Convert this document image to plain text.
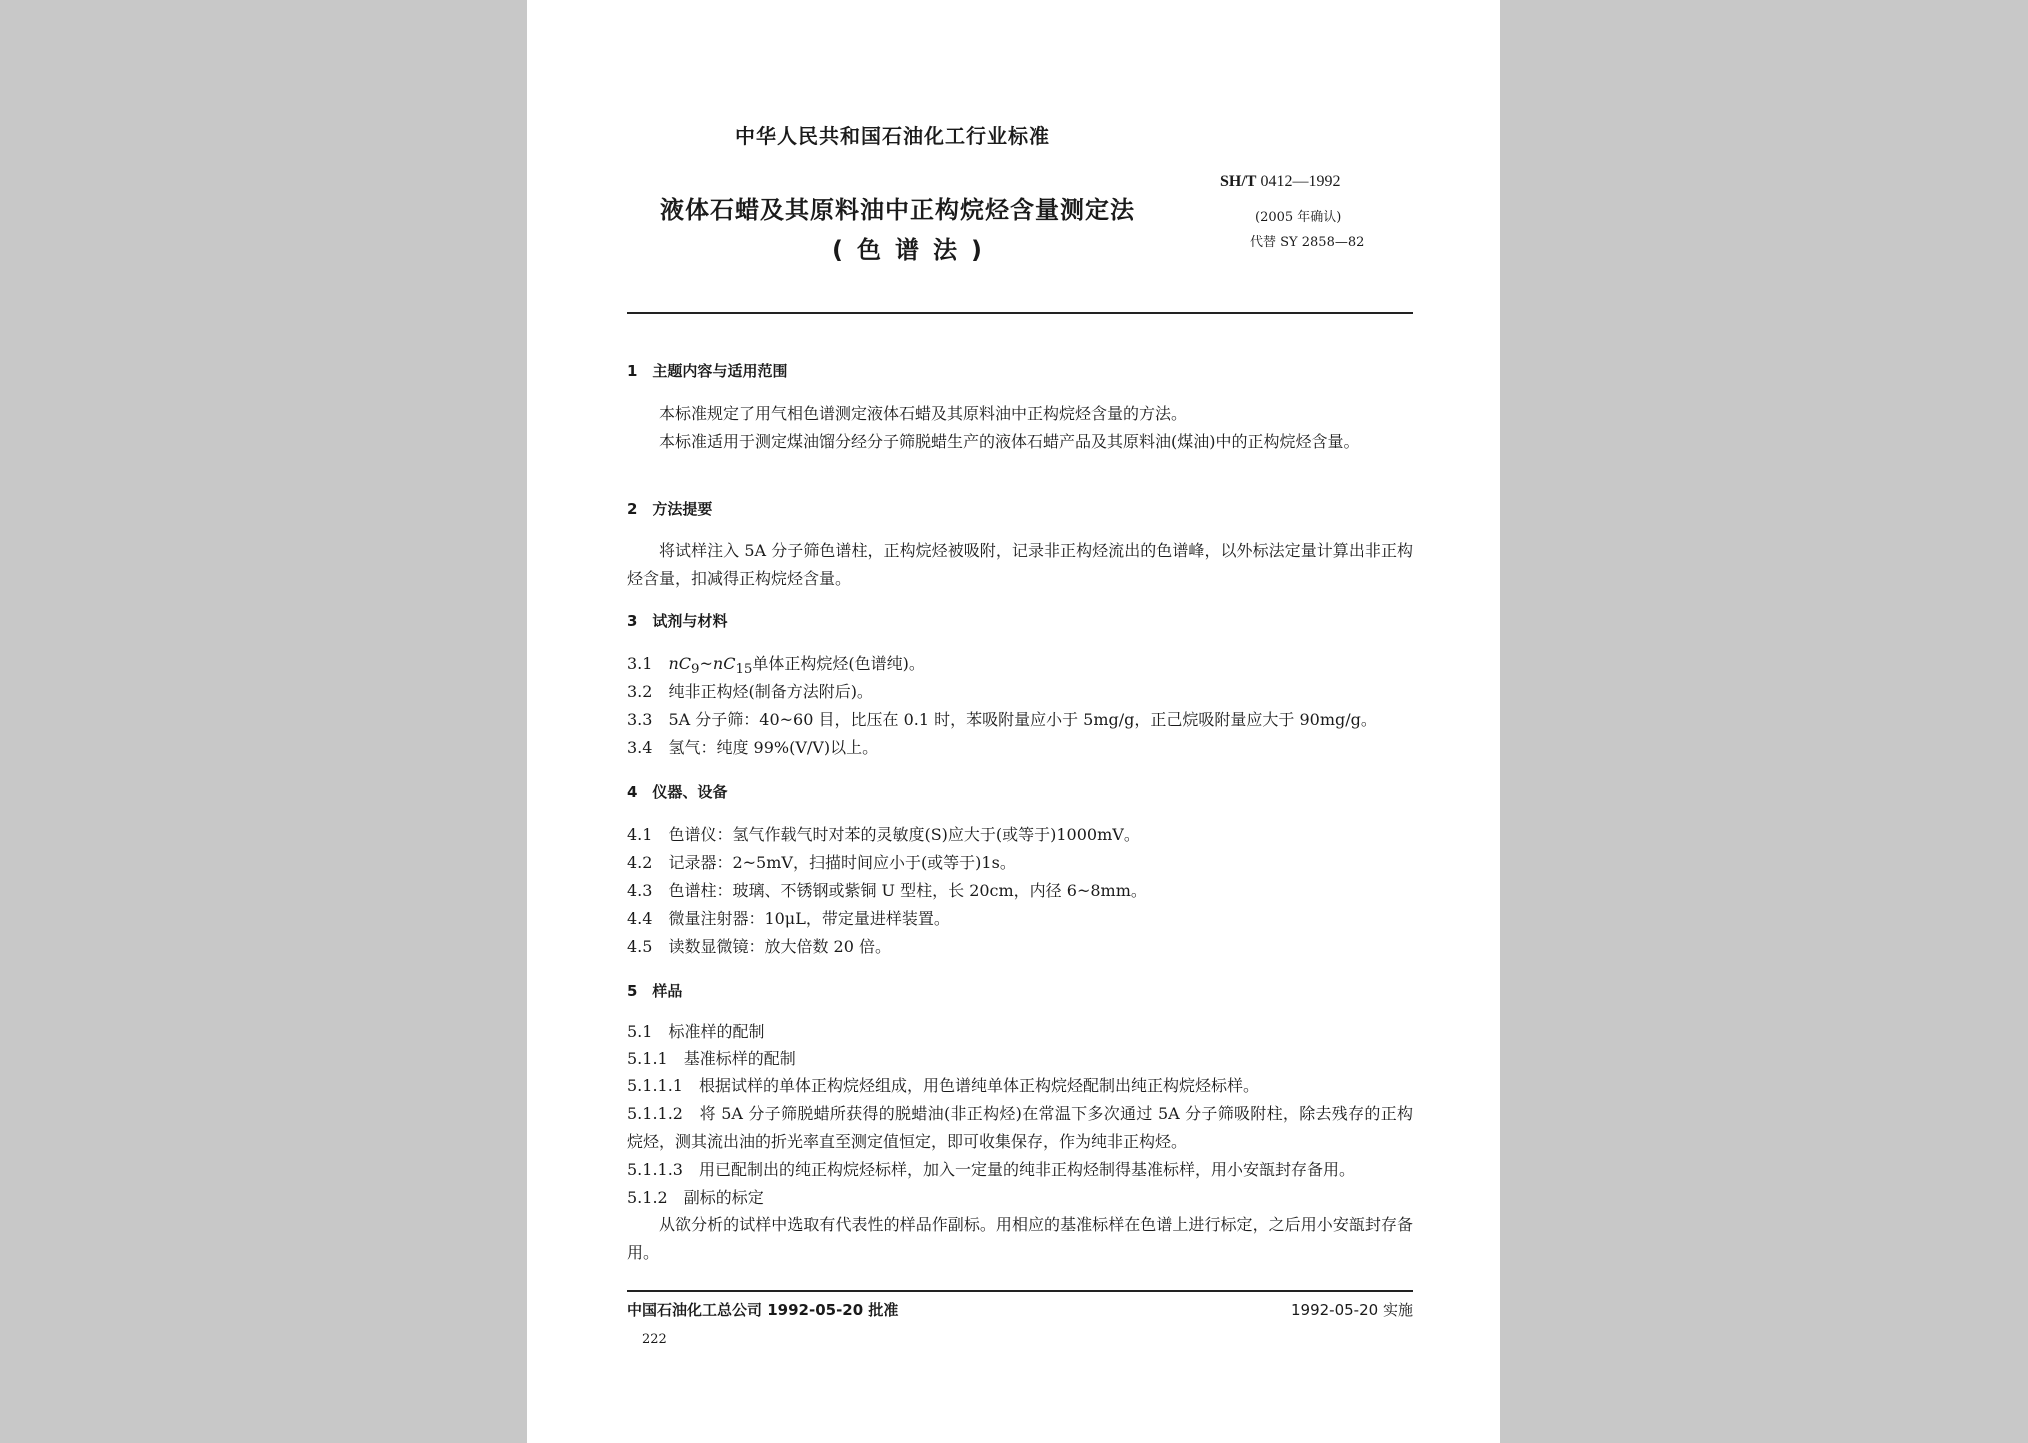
中华人民共和国石油化工行业标准
液体石蜡及其原料油中正构烷烃含量测定法
(色谱法)
SH/T 0412—1992
(2005 年确认)
代替 SY 2858—82
1　主题内容与适用范围
本标准规定了用气相色谱测定液体石蜡及其原料油中正构烷烃含量的方法。
本标准适用于测定煤油馏分经分子筛脱蜡生产的液体石蜡产品及其原料油(煤油)中的正构烷烃含量。
2　方法提要
将试样注入 5A 分子筛色谱柱，正构烷烃被吸附，记录非正构烃流出的色谱峰，以外标法定量计算出非正构烃含量，扣减得正构烷烃含量。
3　试剂与材料
3.1　 $nC_9\sim nC_{15}$单体正构烷烃(色谱纯)。
3.2　纯非正构烃(制备方法附后)。
3.3　5A 分子筛：40~60 目，比压在 0.1 时，苯吸附量应小于 5mg/g，正己烷吸附量应大于 90mg/g。
3.4　氢气：纯度 99%(V/V)以上。
4　仪器、设备
4.1　色谱仪：氢气作载气时对苯的灵敏度(S)应大于(或等于)1000mV。
4.2　记录器：2~5mV，扫描时间应小于(或等于)1s。
4.3　色谱柱：玻璃、不锈钢或紫铜 U 型柱，长 20cm，内径 6~8mm。
4.4　微量注射器：10μL，带定量进样装置。
4.5　读数显微镜：放大倍数 20 倍。
5　样品
5.1　标准样的配制
5.1.1　基准标样的配制
5.1.1.1　根据试样的单体正构烷烃组成，用色谱纯单体正构烷烃配制出纯正构烷烃标样。
5.1.1.2　将 5A 分子筛脱蜡所获得的脱蜡油(非正构烃)在常温下多次通过 5A 分子筛吸附柱，除去残存的正构烷烃，测其流出油的折光率直至测定值恒定，即可收集保存，作为纯非正构烃。
5.1.1.3　用已配制出的纯正构烷烃标样，加入一定量的纯非正构烃制得基准标样，用小安瓿封存备用。
5.1.2　副标的标定
从欲分析的试样中选取有代表性的样品作副标。用相应的基准标样在色谱上进行标定，之后用小安瓿封存备用。
中国石油化工总公司 1992-05-20 批准	1992-05-20 实施
222
